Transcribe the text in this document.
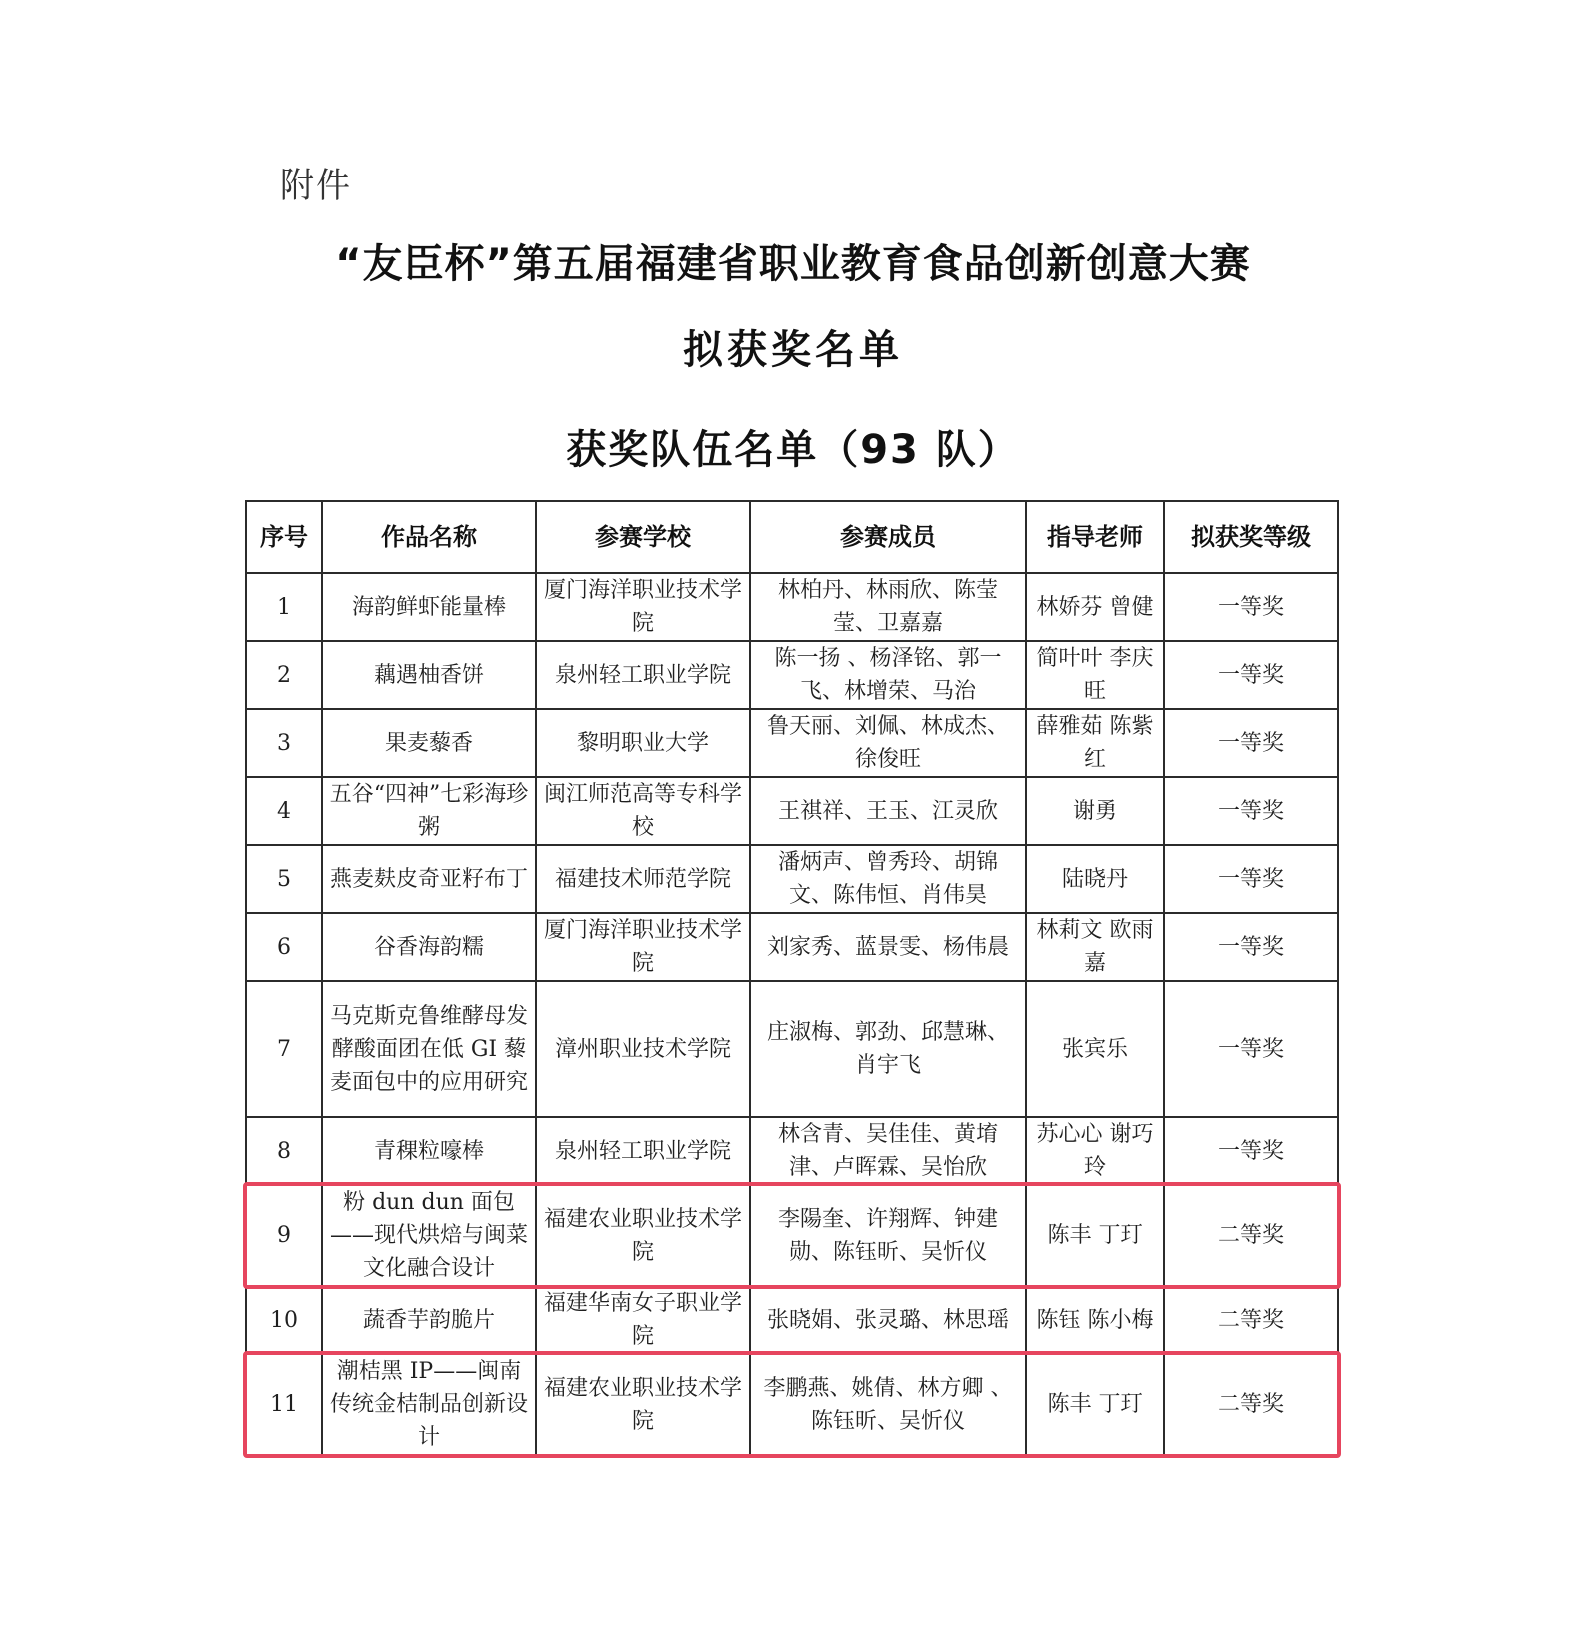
附件
“友臣杯”第五届福建省职业教育食品创新创意大赛
拟获奖名单
获奖队伍名单（93 队）
序号	作品名称	参赛学校	参赛成员	指导老师	拟获奖等级
1	海韵鲜虾能量棒	厦门海洋职业技术学院	林柏丹、林雨欣、陈莹莹、卫嘉嘉	林娇芬 曾健	一等奖
2	藕遇柚香饼	泉州轻工职业学院	陈一扬 、杨泽铭、郭一飞、林增荣、马治	简叶叶 李庆旺	一等奖
3	果麦藜香	黎明职业大学	鲁天丽、刘佩、林成杰、徐俊旺	薛雅茹 陈紫红	一等奖
4	五谷“四神”七彩海珍粥	闽江师范高等专科学校	王祺祥、王玉、江灵欣	谢勇	一等奖
5	燕麦麸皮奇亚籽布丁	福建技术师范学院	潘炳声、曾秀玲、胡锦文、陈伟恒、肖伟昊	陆晓丹	一等奖
6	谷香海韵糯	厦门海洋职业技术学院	刘家秀、蓝景雯、杨伟晨	林莉文 欧雨嘉	一等奖
7	马克斯克鲁维酵母发酵酸面团在低 GI 藜麦面包中的应用研究	漳州职业技术学院	庄淑梅、郭劲、邱慧琳、肖宇飞	张宾乐	一等奖
8	青稞粒嚎棒	泉州轻工职业学院	林含青、吴佳佳、黄堉津、卢晖霖、吴怡欣	苏心心 谢巧玲	一等奖
9	粉 dun dun 面包——现代烘焙与闽菜文化融合设计	福建农业职业技术学院	李陽奎、许翔辉、钟建勋、陈钰昕、吴忻仪	陈丰 丁玎	二等奖
10	蔬香芋韵脆片	福建华南女子职业学院	张晓娟、张灵璐、林思瑶	陈钰 陈小梅	二等奖
11	潮桔黑 IP——闽南传统金桔制品创新设计	福建农业职业技术学院	李鹏燕、姚倩、林方卿 、陈钰昕、吴忻仪	陈丰 丁玎	二等奖
